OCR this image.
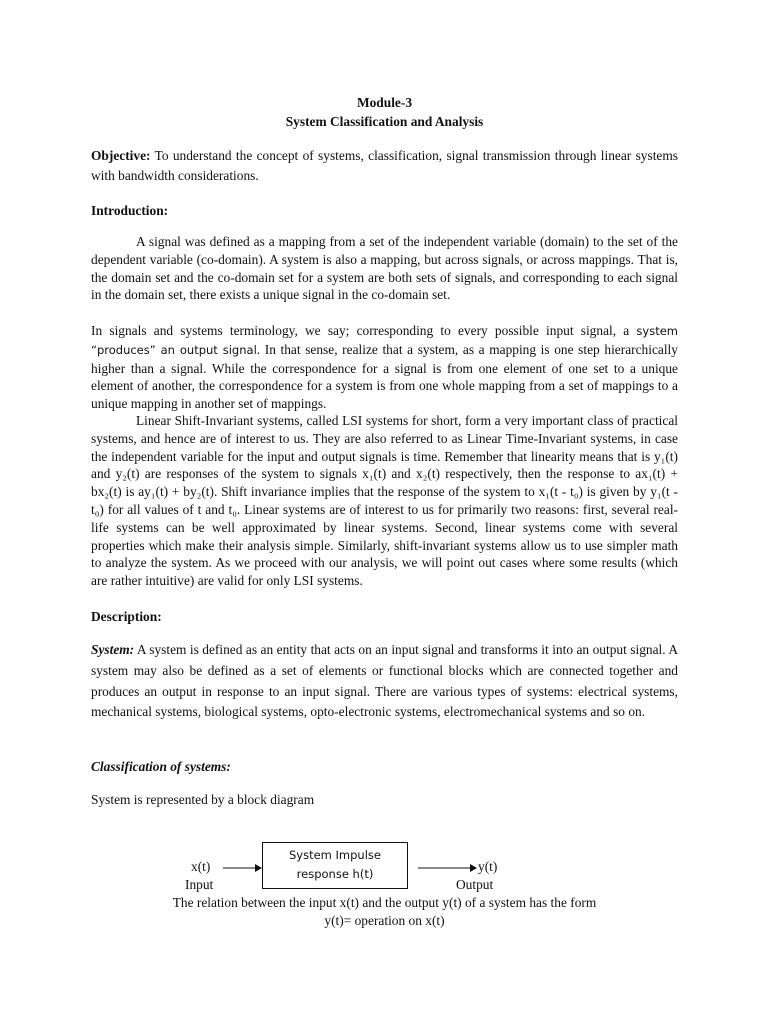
Module-3
System Classification and Analysis

Objective: To understand the concept of systems, classification, signal transmission through linear systems with bandwidth considerations.

Introduction:

A signal was defined as a mapping from a set of the independent variable (domain) to the set of the dependent variable (co-domain). A system is also a mapping, but across signals, or across mappings. That is, the domain set and the co-domain set for a system are both sets of signals, and corresponding to each signal in the domain set, there exists a unique signal in the co-domain set.

In signals and systems terminology, we say; corresponding to every possible input signal, a system “produces” an output signal. In that sense, realize that a system, as a mapping is one step hierarchically higher than a signal. While the correspondence for a signal is from one element of one set to a unique element of another, the correspondence for a system is from one whole mapping from a set of mappings to a unique mapping in another set of mappings.

Linear Shift-Invariant systems, called LSI systems for short, form a very important class of practical systems, and hence are of interest to us. They are also referred to as Linear Time-Invariant systems, in case the independent variable for the input and output signals is time. Remember that linearity means that is y₁(t) and y₂(t) are responses of the system to signals x₁(t) and x₂(t) respectively, then the response to ax₁(t) + bx₂(t) is ay₁(t) + by₂(t). Shift invariance implies that the response of the system to x₁(t - t₀) is given by y₁(t - t₀) for all values of t and t₀. Linear systems are of interest to us for primarily two reasons: first, several real-life systems can be well approximated by linear systems. Second, linear systems come with several properties which make their analysis simple. Similarly, shift-invariant systems allow us to use simpler math to analyze the system. As we proceed with our analysis, we will point out cases where some results (which are rather intuitive) are valid for only LSI systems.

Description:

System: A system is defined as an entity that acts on an input signal and transforms it into an output signal. A system may also be defined as a set of elements or functional blocks which are connected together and produces an output in response to an input signal. There are various types of systems: electrical systems, mechanical systems, biological systems, opto-electronic systems, electromechanical systems and so on.

Classification of systems:
System is represented by a block diagram
System Impulse
response h(t)
x(t)
Input
y(t)
Output
The relation between the input x(t) and the output y(t) of a system has the form
y(t)= operation on x(t)
